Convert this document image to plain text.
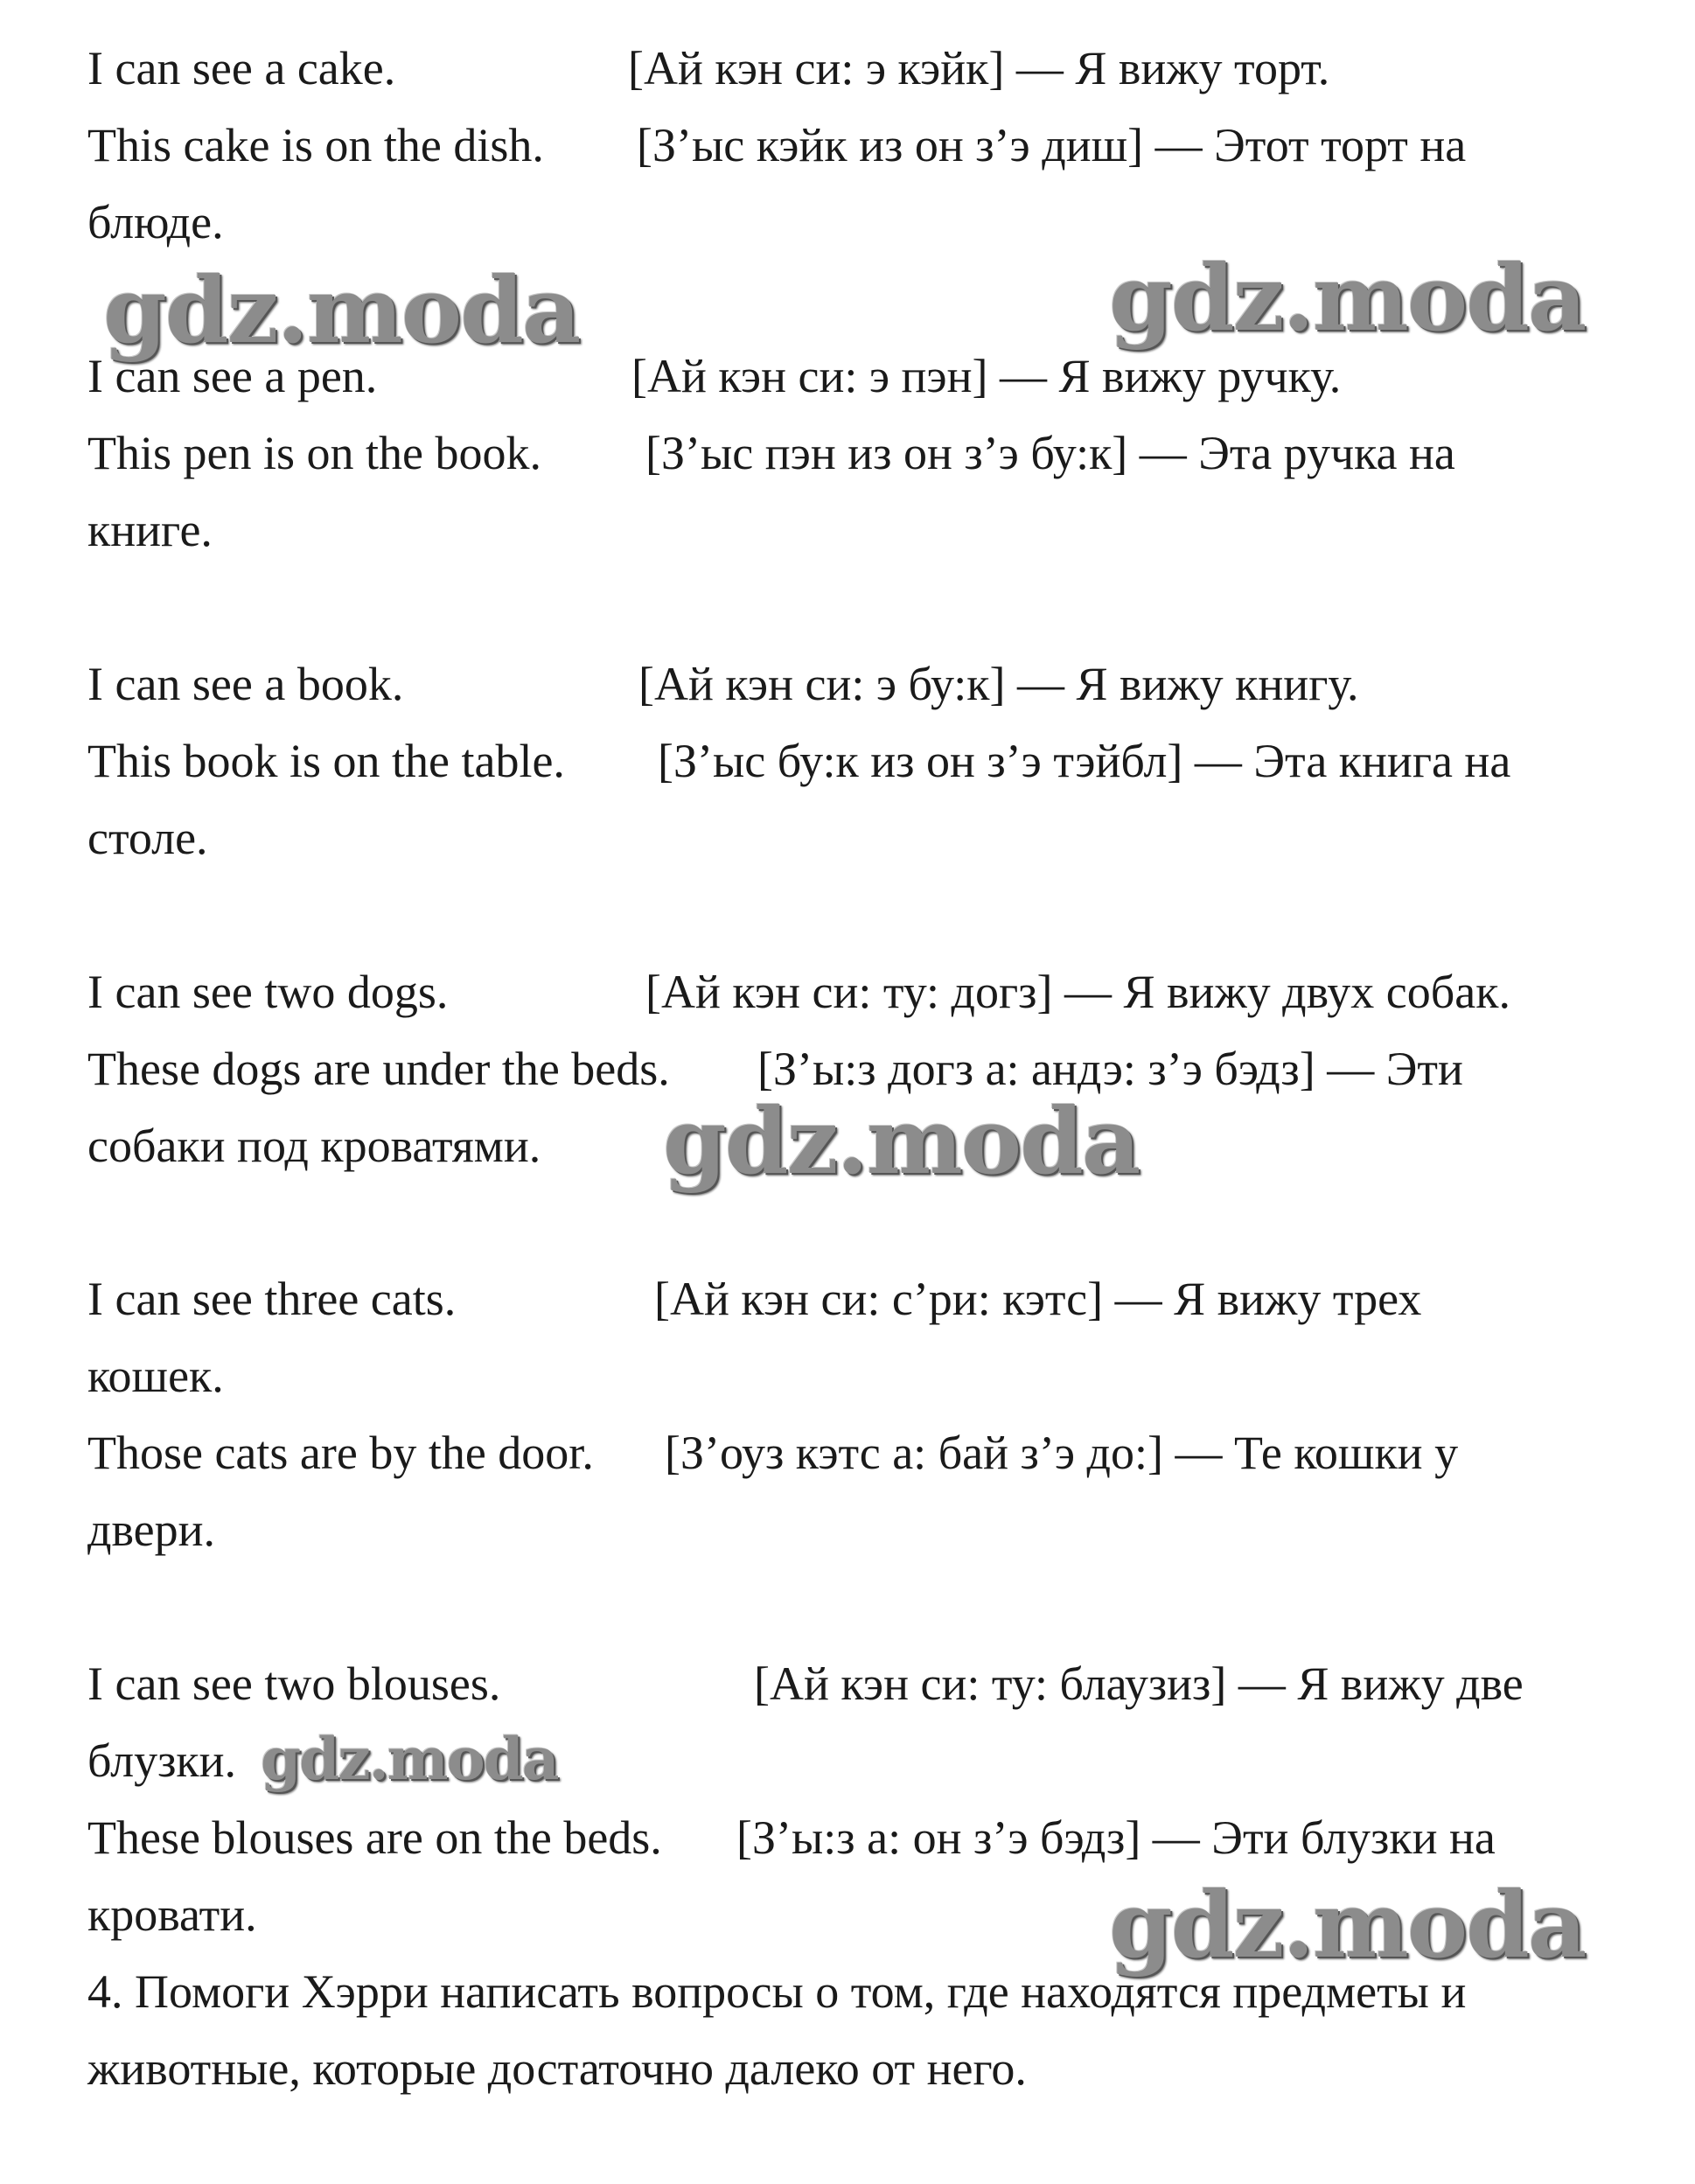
I can see a cake.	[Ай кэн си: э кэйк] — Я вижу торт.
This cake is on the dish. [З’ыс кэйк из он з’э диш] — Этот торт на
блюде.
I can see a pen.	[Ай кэн си: э пэн] — Я вижу ручку.
This pen is on the book. [З’ыс пэн из он з’э бу:к] — Эта ручка на
книге.
I can see a book.	[Ай кэн си: э бу:к] — Я вижу книгу.
This book is on the table. [З’ыс бу:к из он з’э тэйбл] — Эта книга на
столе.
I can see two dogs.	[Ай кэн си: ту: догз] — Я вижу двух собак.
These dogs are under the beds. [З’ы:з догз а: андэ: з’э бэдз] — Эти
собаки под кроватями.
I can see three cats.	[Ай кэн си: с’ри: кэтс] — Я вижу трех
кошек.
Those cats are by the door. [З’оуз кэтс а: бай з’э до:] — Те кошки у
двери.
I can see two blouses.	[Ай кэн си: ту: блаузиз] — Я вижу две
блузки.
These blouses are on the beds. [З’ы:з а: он з’э бэдз] — Эти блузки на
кровати.
4. Помоги Хэрри написать вопросы о том, где находятся предметы и
животные, которые достаточно далеко от него.
gdz.moda	gdz.moda
gdz.moda
gdz.moda
gdz.moda
